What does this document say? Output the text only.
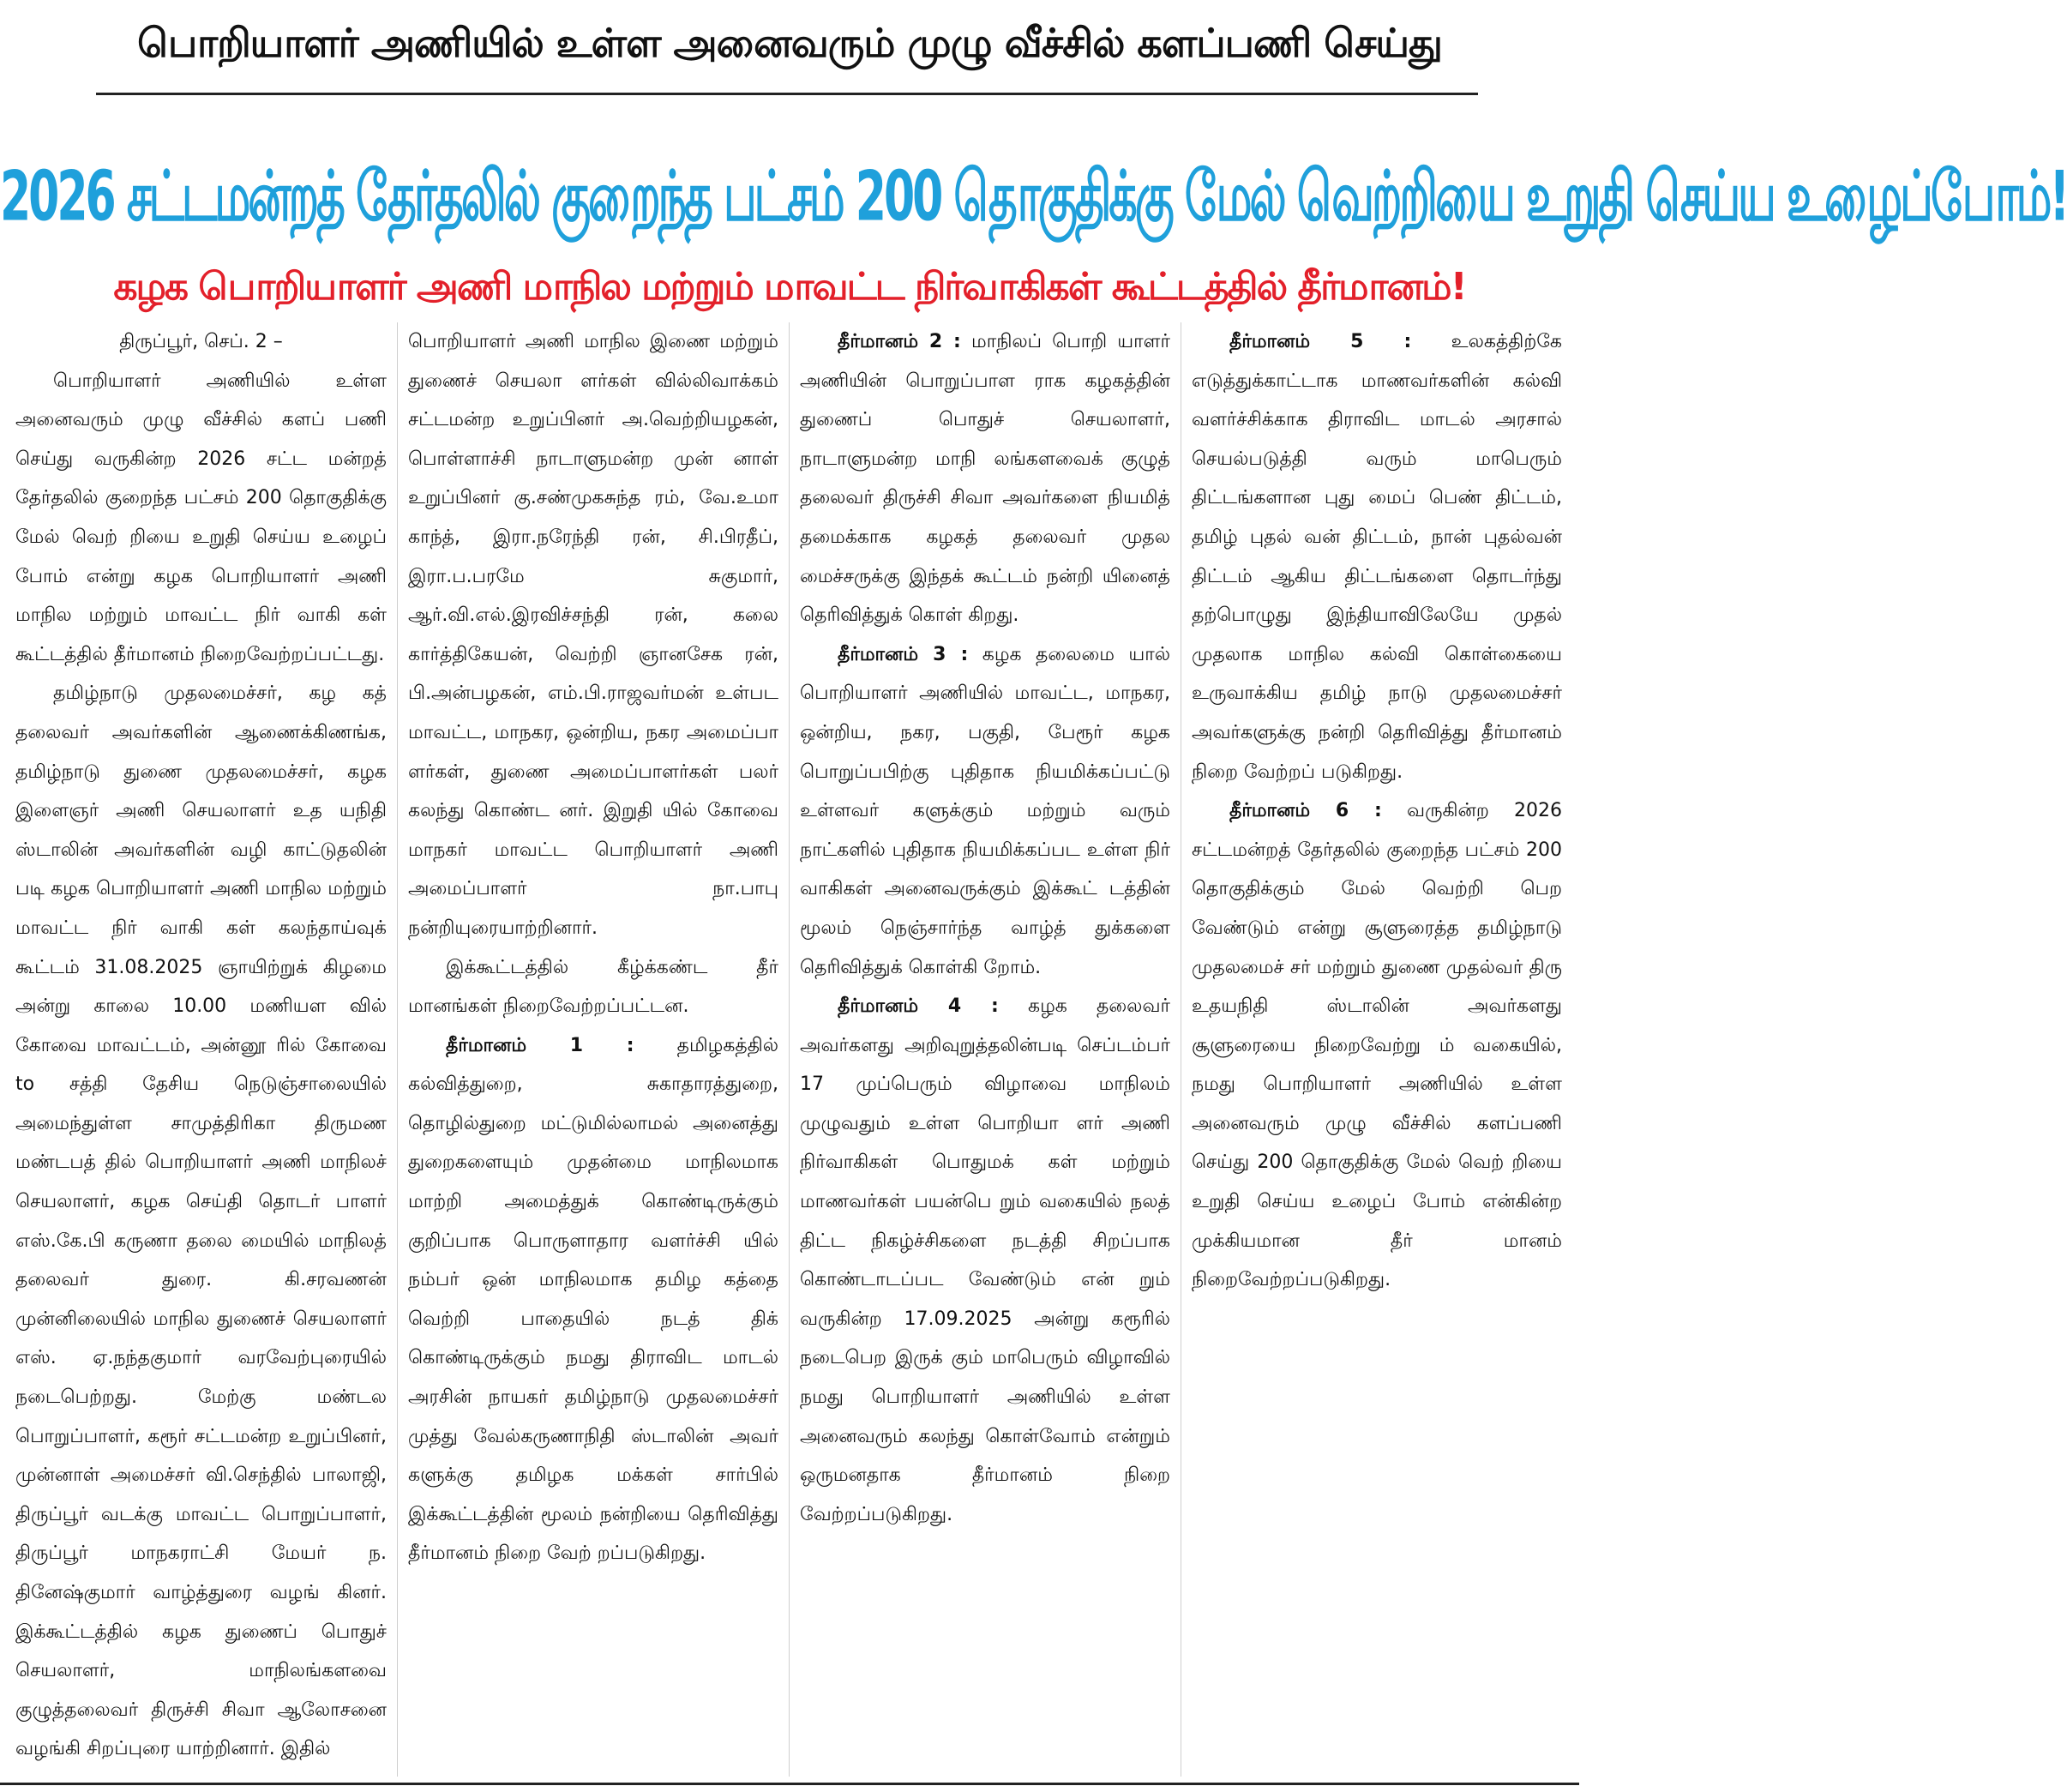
பொறியாளர் அணியில் உள்ள அனைவரும் முழு வீச்சில் களப்பணி செய்து
2026 சட்டமன்றத் தேர்தலில் குறைந்த பட்சம் 200 தொகுதிக்கு மேல் வெற்றியை உறுதி செய்ய உழைப்போம்!
கழக பொறியாளர் அணி மாநில மற்றும் மாவட்ட நிர்வாகிகள் கூட்டத்தில் தீர்மானம்!

திருப்பூர், செப். 2 –

பொறியாளர் அணியில் உள்ள அனைவரும் முழு வீச்சில் களப் பணி செய்து வருகின்ற 2026 சட்ட மன்றத் தேர்தலில் குறைந்த பட்சம் 200 தொகுதிக்கு மேல் வெற் றியை உறுதி செய்ய உழைப் போம் என்று கழக பொறியாளர் அணி மாநில மற்றும் மாவட்ட நிர் வாகி கள் கூட்டத்தில் தீர்மானம் நிறைவேற்றப்பட்டது.

தமிழ்நாடு முதலமைச்சர், கழ கத் தலைவர் அவர்களின் ஆணைக்கிணங்க, தமிழ்நாடு துணை முதலமைச்சர், கழக இளைஞர் அணி செயலாளர் உத யநிதி ஸ்டாலின் அவர்களின் வழி காட்டுதலின் படி கழக பொறியாளர் அணி மாநில மற்றும் மாவட்ட நிர் வாகி கள் கலந்தாய்வுக் கூட்டம் 31.08.2025 ஞாயிற்றுக் கிழமை அன்று காலை 10.00 மணியள வில் கோவை மாவட்டம், அன்னூ ரில் கோவை to சத்தி தேசிய நெடுஞ்சாலையில் அமைந்துள்ள சாமுத்திரிகா திருமண மண்டபத் தில் பொறியாளர் அணி மாநிலச் செயலாளர், கழக செய்தி தொடர் பாளர் எஸ்.கே.பி கருணா தலை மையில் மாநிலத் தலைவர் துரை. கி.சரவணன் முன்னிலையில் மாநில துணைச் செயலாளர் எஸ். ஏ.நந்தகுமார் வரவேற்புரையில் நடைபெற்றது. மேற்கு மண்டல பொறுப்பாளர், கரூர் சட்டமன்ற உறுப்பினர், முன்னாள் அமைச்சர் வி.செந்தில் பாலாஜி, திருப்பூர் வடக்கு மாவட்ட பொறுப்பாளர், திருப்பூர் மாநகராட்சி மேயர் ந. தினேஷ்குமார் வாழ்த்துரை வழங் கினர். இக்கூட்டத்தில் கழக துணைப் பொதுச் செயலாளர், மாநிலங்களவை குழுத்தலைவர் திருச்சி சிவா ஆலோசனை வழங்கி சிறப்புரை யாற்றினார். இதில்

பொறியாளர் அணி மாநில இணை மற்றும் துணைச் செயலா ளர்கள் வில்லிவாக்கம் சட்டமன்ற உறுப்பினர் அ.வெற்றியழகன், பொள்ளாச்சி நாடாளுமன்ற முன் னாள் உறுப்பினர் கு.சண்முகசுந்த ரம், வே.உமா காந்த், இரா.நரேந்தி ரன், சி.பிரதீப், இரா.ப.பரமே சுகுமார், ஆர்.வி.எல்.இரவிச்சந்தி ரன், கலை கார்த்திகேயன், வெற்றி ஞானசேக ரன், பி.அன்பழகன், எம்.பி.ராஜவர்மன் உள்பட மாவட்ட, மாநகர, ஒன்றிய, நகர அமைப்பா ளர்கள், துணை அமைப்பாளர்கள் பலர் கலந்து கொண்ட னர். இறுதி யில் கோவை மாநகர் மாவட்ட பொறியாளர் அணி அமைப்பாளர் நா.பாபு நன்றியுரையாற்றினார்.

இக்கூட்டத்தில் கீழ்க்கண்ட தீர் மானங்கள் நிறைவேற்றப்பட்டன.

தீர்மானம் 1 : தமிழகத்தில் கல்வித்துறை, சுகாதாரத்துறை, தொழில்துறை மட்டுமில்லாமல் அனைத்து துறைகளையும் முதன்மை மாநிலமாக மாற்றி அமைத்துக் கொண்டிருக்கும் குறிப்பாக பொருளாதார வளர்ச்சி யில் நம்பர் ஒன் மாநிலமாக தமிழ கத்தை வெற்றி பாதையில் நடத் திக் கொண்டிருக்கும் நமது திராவிட மாடல் அரசின் நாயகர் தமிழ்நாடு முதலமைச்சர் முத்து வேல்கருணாநிதி ஸ்டாலின் அவர் களுக்கு தமிழக மக்கள் சார்பில் இக்கூட்டத்தின் மூலம் நன்றியை தெரிவித்து தீர்மானம் நிறை வேற் றப்படுகிறது.

தீர்மானம் 2 : மாநிலப் பொறி யாளர் அணியின் பொறுப்பாள ராக கழகத்தின் துணைப் பொதுச் செயலாளர், நாடாளுமன்ற மாநி லங்களவைக் குழுத் தலைவர் திருச்சி சிவா அவர்களை நியமித் தமைக்காக கழகத் தலைவர் முதல மைச்சருக்கு இந்தக் கூட்டம் நன்றி யினைத் தெரிவித்துக் கொள் கிறது.

தீர்மானம் 3 : கழக தலைமை யால் பொறியாளர் அணியில் மாவட்ட, மாநகர, ஒன்றிய, நகர, பகுதி, பேரூர் கழக பொறுப்பபிற்கு புதிதாக நியமிக்கப்பட்டு உள்ளவர் களுக்கும் மற்றும் வரும் நாட்களில் புதிதாக நியமிக்கப்பட உள்ள நிர் வாகிகள் அனைவருக்கும் இக்கூட் டத்தின் மூலம் நெஞ்சார்ந்த வாழ்த் துக்களை தெரிவித்துக் கொள்கி றோம்.

தீர்மானம் 4 : கழக தலைவர் அவர்களது அறிவுறுத்தலின்படி செப்டம்பர் 17 முப்பெரும் விழாவை மாநிலம் முழுவதும் உள்ள பொறியா ளர் அணி நிர்வாகிகள் பொதுமக் கள் மற்றும் மாணவர்கள் பயன்பெ றும் வகையில் நலத் திட்ட நிகழ்ச்சிகளை நடத்தி சிறப்பாக கொண்டாடப்பட வேண்டும் என் றும் வருகின்ற 17.09.2025 அன்று கரூரில் நடைபெற இருக் கும் மாபெரும் விழாவில் நமது பொறியாளர் அணியில் உள்ள அனைவரும் கலந்து கொள்வோம் என்றும் ஒருமனதாக தீர்மானம் நிறை வேற்றப்படுகிறது.

தீர்மானம் 5 : உலகத்திற்கே எடுத்துக்காட்டாக மாணவர்களின் கல்வி வளர்ச்சிக்காக திராவிட மாடல் அரசால் செயல்படுத்தி வரும் மாபெரும் திட்டங்களான புது மைப் பெண் திட்டம், தமிழ் புதல் வன் திட்டம், நான் புதல்வன் திட்டம் ஆகிய திட்டங்களை தொடர்ந்து தற்பொழுது இந்தியாவிலேயே முதல் முதலாக மாநில கல்வி கொள்கையை உருவாக்கிய தமிழ் நாடு முதலமைச்சர் அவர்களுக்கு நன்றி தெரிவித்து தீர்மானம் நிறை வேற்றப் படுகிறது.

தீர்மானம் 6 : வருகின்ற 2026 சட்டமன்றத் தேர்தலில் குறைந்த பட்சம் 200 தொகுதிக்கும் மேல் வெற்றி பெற வேண்டும் என்று சூளுரைத்த தமிழ்நாடு முதலமைச் சர் மற்றும் துணை முதல்வர் திரு உதயநிதி ஸ்டாலின் அவர்களது சூளுரையை நிறைவேற்று ம் வகையில், நமது பொறியாளர் அணியில் உள்ள அனைவரும் முழு வீச்சில் களப்பணி செய்து 200 தொகுதிக்கு மேல் வெற் றியை உறுதி செய்ய உழைப் போம் என்கின்ற முக்கியமான தீர் மானம் நிறைவேற்றப்படுகிறது.
